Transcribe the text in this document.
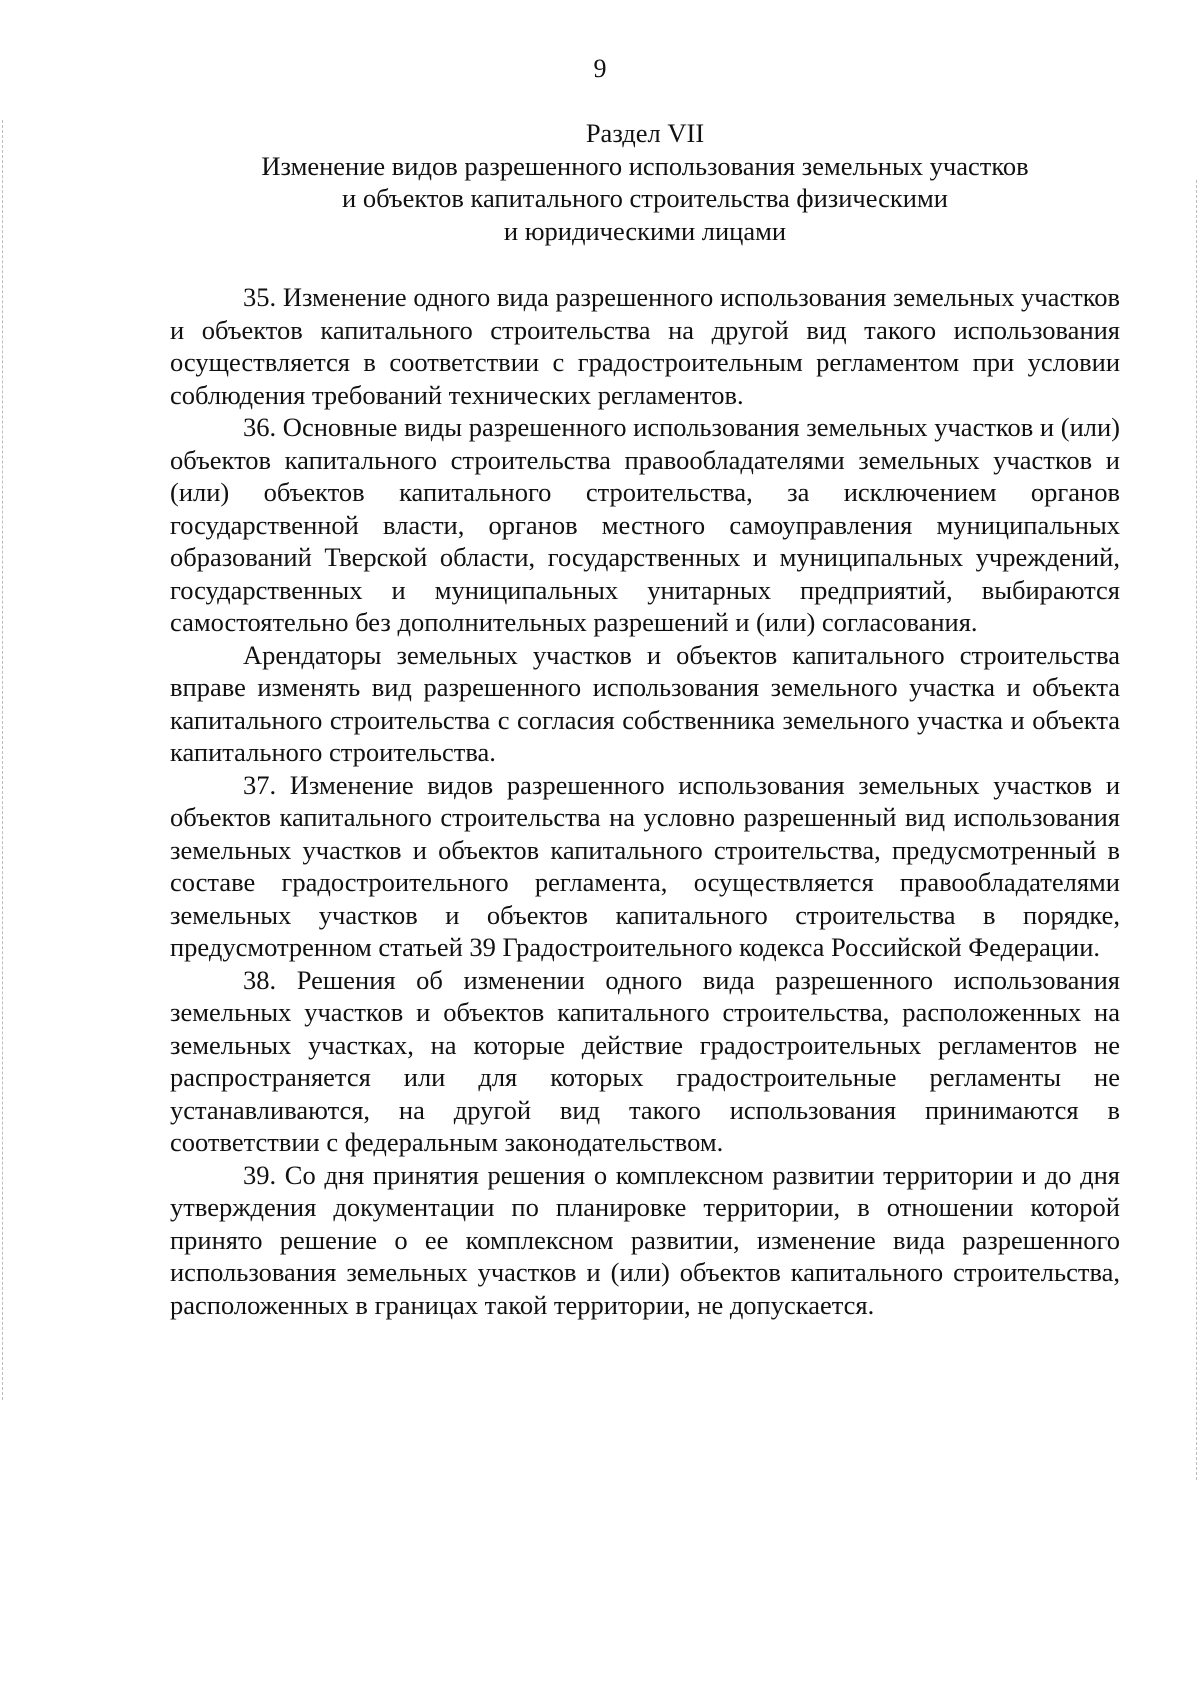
9
Раздел VII
Изменение видов разрешенного использования земельных участков
и объектов капитального строительства физическими
и юридическими лицами

35. Изменение одного вида разрешенного использования земельных участков и объектов капитального строительства на другой вид такого использования осуществляется в соответствии с градостроительным регламентом при условии соблюдения требований технических регламентов.

36. Основные виды разрешенного использования земельных участков и (или) объектов капитального строительства правообладателями земельных участков и (или) объектов капитального строительства, за исключением органов государственной власти, органов местного самоуправления муниципальных образований Тверской области, государственных и муниципальных учреждений, государственных и муниципальных унитарных предприятий, выбираются самостоятельно без дополнительных разрешений и (или) согласования.

Арендаторы земельных участков и объектов капитального строительства вправе изменять вид разрешенного использования земельного участка и объекта капитального строительства с согласия собственника земельного участка и объекта капитального строительства.

37. Изменение видов разрешенного использования земельных участков и объектов капитального строительства на условно разрешенный вид использования земельных участков и объектов капитального строительства, предусмотренный в составе градостроительного регламента, осуществляется правообладателями земельных участков и объектов капитального строительства в порядке, предусмотренном статьей 39 Градостроительного кодекса Российской Федерации.

38. Решения об изменении одного вида разрешенного использования земельных участков и объектов капитального строительства, расположенных на земельных участках, на которые действие градостроительных регламентов не распространяется или для которых градостроительные регламенты не устанавливаются, на другой вид такого использования принимаются в соответствии с федеральным законодательством.

39. Со дня принятия решения о комплексном развитии территории и до дня утверждения документации по планировке территории, в отношении которой принято решение о ее комплексном развитии, изменение вида разрешенного использования земельных участков и (или) объектов капитального строительства, расположенных в границах такой территории, не допускается.
